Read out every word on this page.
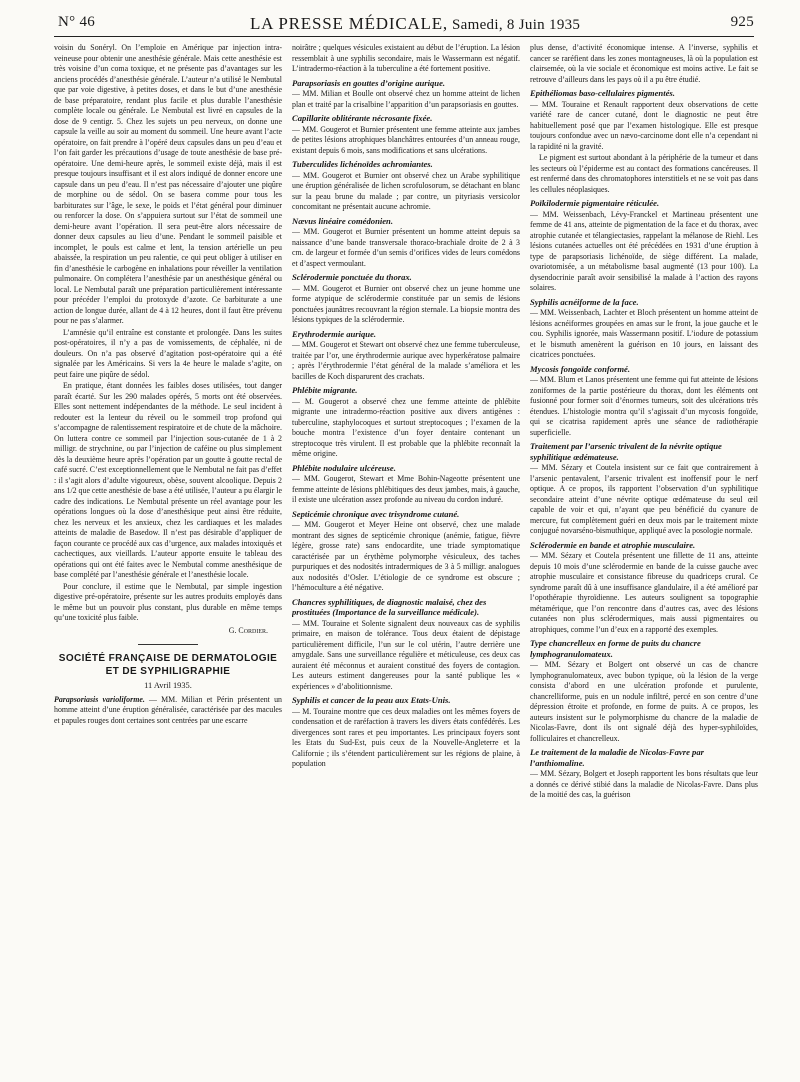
N° 46	LA PRESSE MÉDICALE, Samedi, 8 Juin 1935	925

voisin du Sonéryl. On l’emploie en Amérique par injection intra-veineuse pour obtenir une anesthésie générale. Mais cette anesthésie est très voisine d’un coma toxique, et ne présente pas d’avantages sur les anciens procédés d’anesthésie générale. L’auteur n’a utilisé le Nembutal que par voie digestive, à petites doses, et dans le but d’une anesthésie de base préparatoire, rendant plus facile et plus durable l’anesthésie complète locale ou générale. Le Nembutal est livré en capsules de la dose de 9 centigr. 5. Chez les sujets un peu nerveux, on donne une capsule la veille au soir au moment du sommeil. Une heure avant l’acte opératoire, on fait prendre à l’opéré deux capsules dans un peu d’eau et l’on fait garder les précautions d’usage de toute anesthésie de base pré-opératoire. Une demi-heure après, le sommeil existe déjà, mais il est presque toujours insuffisant et il est alors indiqué de donner encore une capsule dans un peu d’eau. Il n’est pas nécessaire d’ajouter une piqûre de morphine ou de sédol. On se basera comme pour tous les barbiturates sur l’âge, le sexe, le poids et l’état général pour diminuer ou renforcer la dose. On s’appuiera surtout sur l’état de sommeil une demi-heure avant l’opération. Il sera peut-être alors nécessaire de donner deux capsules au lieu d’une. Pendant le sommeil paisible et incomplet, le pouls est calme et lent, la tension artérielle un peu abaissée, la respiration un peu ralentie, ce qui peut obliger à utiliser en fin d’anesthésie le carbogène en inhalations pour réveiller la ventilation pulmonaire. On complétera l’anesthésie par un anesthésique général ou local. Le Nembutal paraît une préparation particulièrement intéressante pour précéder l’emploi du protoxyde d’azote. Ce barbiturate a une action de longue durée, allant de 4 à 12 heures, dont il faut être prévenu pour ne pas s’alarmer.

L’amnésie qu’il entraîne est constante et prolongée. Dans les suites post-opératoires, il n’y a pas de vomissements, de céphalée, ni de douleurs. On n’a pas observé d’agitation post-opératoire qui a été signalée par les Américains. Si vers la 4e heure le malade s’agite, on peut faire une piqûre de sédol.

En pratique, étant données les faibles doses utilisées, tout danger paraît écarté. Sur les 290 malades opérés, 5 morts ont été observées. Elles sont nettement indépendantes de la méthode. Le seul incident à redouter est la lenteur du réveil ou le sommeil trop profond qui s’accompagne de ralentissement respiratoire et de chute de la mâchoire. On luttera contre ce sommeil par l’injection sous-cutanée de 1 à 2 milligr. de strychnine, ou par l’injection de caféine ou plus simplement dès la deuxième heure après l’opération par un goutte à goutte rectal de café sucré. C’est exceptionnellement que le Nembutal ne fait pas d’effet : il s’agit alors d’adulte vigoureux, obèse, souvent alcoolique. Depuis 2 ans 1/2 que cette anesthésie de base a été utilisée, l’auteur a pu élargir le cadre des indications. Le Nembutal présente un réel avantage pour les opérations longues où la dose d’anesthésique peut ainsi être réduite, chez les nerveux et les anxieux, chez les cardiaques et les malades atteints de maladie de Basedow. Il n’est pas désirable d’appliquer de façon courante ce procédé aux cas d’urgence, aux malades intoxiqués et cachectiques, aux vieillards. L’auteur apporte ensuite le tableau des opérations qui ont été faites avec le Nembutal comme anesthésique de base complété par l’anesthésie générale et l’anesthésie locale.

Pour conclure, il estime que le Nembutal, par simple ingestion digestive pré-opératoire, présente sur les autres produits employés dans le même but un pouvoir plus constant, plus durable en même temps qu’une toxicité plus faible.

G. Cordier.

SOCIÉTÉ FRANÇAISE DE DERMATOLOGIE
ET DE SYPHILIGRAPHIE
11 Avril 1935.

Parapsoriasis varioliforme. — MM. Milian et Périn présentent un homme atteint d’une éruption généralisée, caractérisée par des macules et papules rouges dont certaines sont centrées par une escarre

noirâtre ; quelques vésicules existaient au début de l’éruption. La lésion ressemblait à une syphilis secondaire, mais le Wassermann est négatif. L’intradermo-réaction à la tuberculine a été fortement positive.

Parapsoriasis en gouttes d’origine aurique.

— MM. Milian et Boulle ont observé chez un homme atteint de lichen plan et traité par la crisalbine l’apparition d’un parapsoriasis en gouttes.

Capillarite oblitérante nécrosante fixée.

— MM. Gougerot et Burnier présentent une femme atteinte aux jambes de petites lésions atrophiques blanchâtres entourées d’un anneau rouge, existant depuis 6 mois, sans modifications et sans ulcérations.

Tuberculides lichénoïdes achromiantes.

— MM. Gougerot et Burnier ont observé chez un Arabe syphilitique une éruption généralisée de lichen scrofulosorum, se détachant en blanc sur la peau brune du malade ; par contre, un pityriasis versicolor concomitant ne présentait aucune achromie.

Nævus linéaire comédonien.

— MM. Gougerot et Burnier présentent un homme atteint depuis sa naissance d’une bande transversale thoraco-brachiale droite de 2 à 3 cm. de largeur et formée d’un semis d’orifices vides de leurs comédons et d’aspect vermoulant.

Sclérodermie ponctuée du thorax.

— MM. Gougerot et Burnier ont observé chez un jeune homme une forme atypique de sclérodermie constituée par un semis de lésions ponctuées jaunâtres recouvrant la région sternale. La biopsie montra des lésions typiques de la sclérodermie.

Erythrodermie aurique.

— MM. Gougerot et Stewart ont observé chez une femme tuberculeuse, traitée par l’or, une érythrodermie aurique avec hyperkératose palmaire ; après l’érythrodermie l’état général de la malade s’améliora et les bacilles de Koch disparurent des crachats.

Phlébite migrante.

— M. Gougerot a observé chez une femme atteinte de phlébite migrante une intradermo-réaction positive aux divers antigènes : tuberculine, staphylocoques et surtout streptocoques ; l’examen de la bouche montra l’existence d’un foyer dentaire contenant un streptocoque très virulent. Il est probable que la phlébite reconnaît la même origine.

Phlébite nodulaire ulcéreuse.

— MM. Gougerot, Stewart et Mme Bohin-Nageotte présentent une femme atteinte de lésions phlébitiques des deux jambes, mais, à gauche, il existe une ulcération assez profonde au niveau du cordon induré.

Septicémie chronique avec trisyndrome cutané.

— MM. Gougerot et Meyer Heine ont observé, chez une malade montrant des signes de septicémie chronique (anémie, fatigue, fièvre légère, grosse rate) sans endocardite, une triade symptomatique caractérisée par un érythème polymorphe vésiculeux, des taches purpuriques et des nodosités intradermiques de 3 à 5 milligr. analogues aux nodosités d’Osler. L’étiologie de ce syndrome est obscure ; l’hémoculture a été négative.

Chancres syphilitiques, de diagnostic malaisé, chez des prostituées (Importance de la surveillance médicale).

— MM. Touraine et Solente signalent deux nouveaux cas de syphilis primaire, en maison de tolérance. Tous deux étaient de dépistage particulièrement difficile, l’un sur le col utérin, l’autre derrière une amygdale. Sans une surveillance régulière et méticuleuse, ces deux cas auraient été méconnus et auraient constitué des foyers de contagion. Les auteurs estiment dangereuses pour la santé publique les « expériences » d’abolitionnisme.

Syphilis et cancer de la peau aux Etats-Unis.

— M. Touraine montre que ces deux maladies ont les mêmes foyers de condensation et de raréfaction à travers les divers états confédérés. Les divergences sont rares et peu importantes. Les principaux foyers sont les Etats du Sud-Est, puis ceux de la Nouvelle-Angleterre et la Californie ; ils s’étendent particulièrement sur les régions de plaine, à population

plus dense, d’activité économique intense. A l’inverse, syphilis et cancer se raréfient dans les zones montagneuses, là où la population est clairsemée, où la vie sociale et économique est moins active. Le fait se retrouve d’ailleurs dans les pays où il a pu être étudié.

Epithéliomas baso-cellulaires pigmentés.

— MM. Touraine et Renault rapportent deux observations de cette variété rare de cancer cutané, dont le diagnostic ne peut être habituellement posé que par l’examen histologique. Elle est presque toujours confondue avec un nævo-carcinome dont elle n’a cependant ni la rapidité ni la gravité.

Le pigment est surtout abondant à la périphérie de la tumeur et dans les secteurs où l’épiderme est au contact des formations cancéreuses. Il est renfermé dans des chromatophores interstitiels et ne se voit pas dans les cellules néoplasiques.

Poïkilodermie pigmentaire réticulée.

— MM. Weissenbach, Lévy-Franckel et Martineau présentent une femme de 41 ans, atteinte de pigmentation de la face et du thorax, avec atrophie cutanée et télangiectasies, rappelant la mélanose de Riehl. Les lésions cutanées actuelles ont été précédées en 1931 d’une éruption à type de parapsoriasis lichénoïde, de siège différent. La malade, ovariotomisée, a un métabolisme basal augmenté (13 pour 100). La dysendocrinie paraît avoir sensibilisé la malade à l’action des rayons solaires.

Syphilis acnéiforme de la face.

— MM. Weissenbach, Lachter et Bloch présentent un homme atteint de lésions acnéiformes groupées en amas sur le front, la joue gauche et le cou. Syphilis ignorée, mais Wassermann positif. L’iodure de potassium et le bismuth amenèrent la guérison en 10 jours, en laissant des cicatrices ponctuées.

Mycosis fongoïde conformé.

— MM. Blum et Lanos présentent une femme qui fut atteinte de lésions zoniformes de la partie postérieure du thorax, dont les éléments ont fusionné pour former soit d’énormes tumeurs, soit des ulcérations très étendues. L’histologie montra qu’il s’agissait d’un mycosis fongoïde, qui se cicatrisa rapidement après une séance de radiothérapie superficielle.

Traitement par l’arsenic trivalent de la névrite optique syphilitique œdémateuse.

— MM. Sézary et Coutela insistent sur ce fait que contrairement à l’arsenic pentavalent, l’arsenic trivalent est inoffensif pour le nerf optique. A ce propos, ils rapportent l’observation d’un syphilitique secondaire atteint d’une névrite optique œdémateuse du seul œil capable de voir et qui, n’ayant que peu bénéficié du cyanure de mercure, fut complètement guéri en deux mois par le traitement mixte conjugué novarséno-bismuthique, appliqué avec la posologie normale.

Sclérodermie en bande et atrophie musculaire.

— MM. Sézary et Coutela présentent une fillette de 11 ans, atteinte depuis 10 mois d’une sclérodermie en bande de la cuisse gauche avec atrophie musculaire et consistance fibreuse du quadriceps crural. Ce syndrome paraît dû à une insuffisance glandulaire, il a été amélioré par l’opothérapie thyroïdienne. Les auteurs soulignent sa topographie métamérique, que l’on rencontre dans d’autres cas, avec des lésions cutanées non plus sclérodermiques, mais aussi pigmentaires ou atrophiques, comme l’un d’eux en a rapporté des exemples.

Type chancrelleux en forme de puits du chancre lymphogranulomateux.

— MM. Sézary et Bolgert ont observé un cas de chancre lymphogranulomateux, avec bubon typique, où la lésion de la verge consista d’abord en une ulcération profonde et purulente, chancrelliforme, puis en un nodule infiltré, percé en son centre d’une dépression étroite et profonde, en forme de puits. A ce propos, les auteurs insistent sur le polymorphisme du chancre de la maladie de Nicolas-Favre, dont ils ont signalé déjà des hyper-syphiloïdes, folliculaires et chancrelleux.

Le traitement de la maladie de Nicolas-Favre par l’anthiomaline.

— MM. Sézary, Bolgert et Joseph rapportent les bons résultats que leur a donnés ce dérivé stibié dans la maladie de Nicolas-Favre. Dans plus de la moitié des cas, la guérison
